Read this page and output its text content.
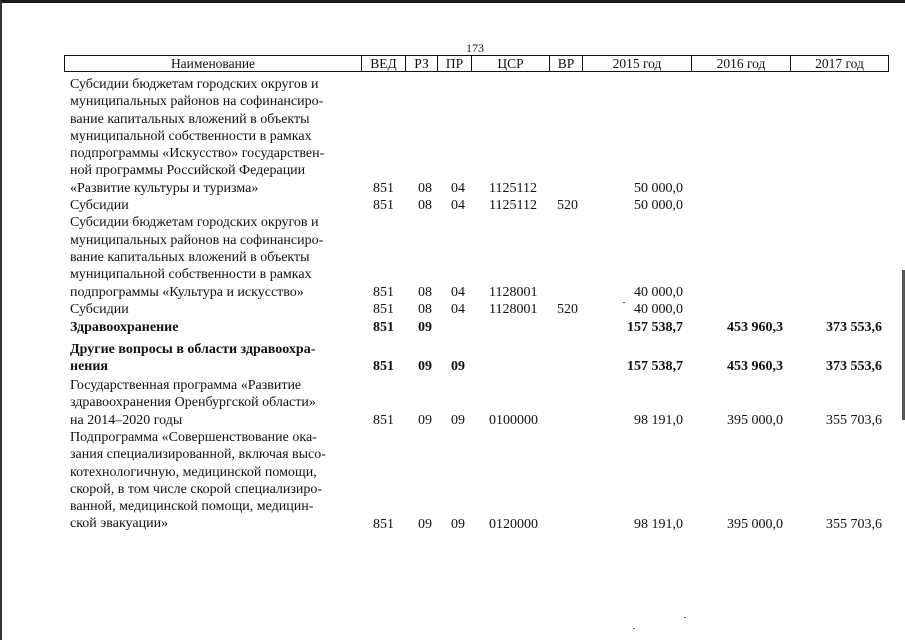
173
Наименование	ВЕД	РЗ	ПР	ЦСР	ВР	2015 год	2016 год	2017 год
Субсидии бюджетам городских округов и
муниципальных районов на софинансиро-
вание капитальных вложений в объекты
муниципальной собственности в рамках
подпрограммы «Искусство» государствен-
ной программы Российской Федерации
«Развитие культуры и туризма»	851 08 04 1125112	50 000,0
Субсидии	851 08 04 1125112 520	50 000,0
Субсидии бюджетам городских округов и
муниципальных районов на софинансиро-
вание капитальных вложений в объекты
муниципальной собственности в рамках
подпрограммы «Культура и искусство»	851 08 04 1128001	40 000,0
Субсидии	851 08 04 1128001 520	40 000,0
Здравоохранение	851 09	157 538,7	453 960,3	373 553,6
Другие вопросы в области здравоохра-
нения	851 09 09	157 538,7	453 960,3	373 553,6
Государственная программа «Развитие
здравоохранения Оренбургской области»
на 2014–2020 годы	851 09 09 0100000	98 191,0	395 000,0	355 703,6
Подпрограмма «Совершенствование ока-
зания специализированной, включая высо-
котехнологичную, медицинской помощи,
скорой, в том числе скорой специализиро-
ванной, медицинской помощи, медицин-
ской эвакуации»	851 09 09 0120000	98 191,0	395 000,0	355 703,6
